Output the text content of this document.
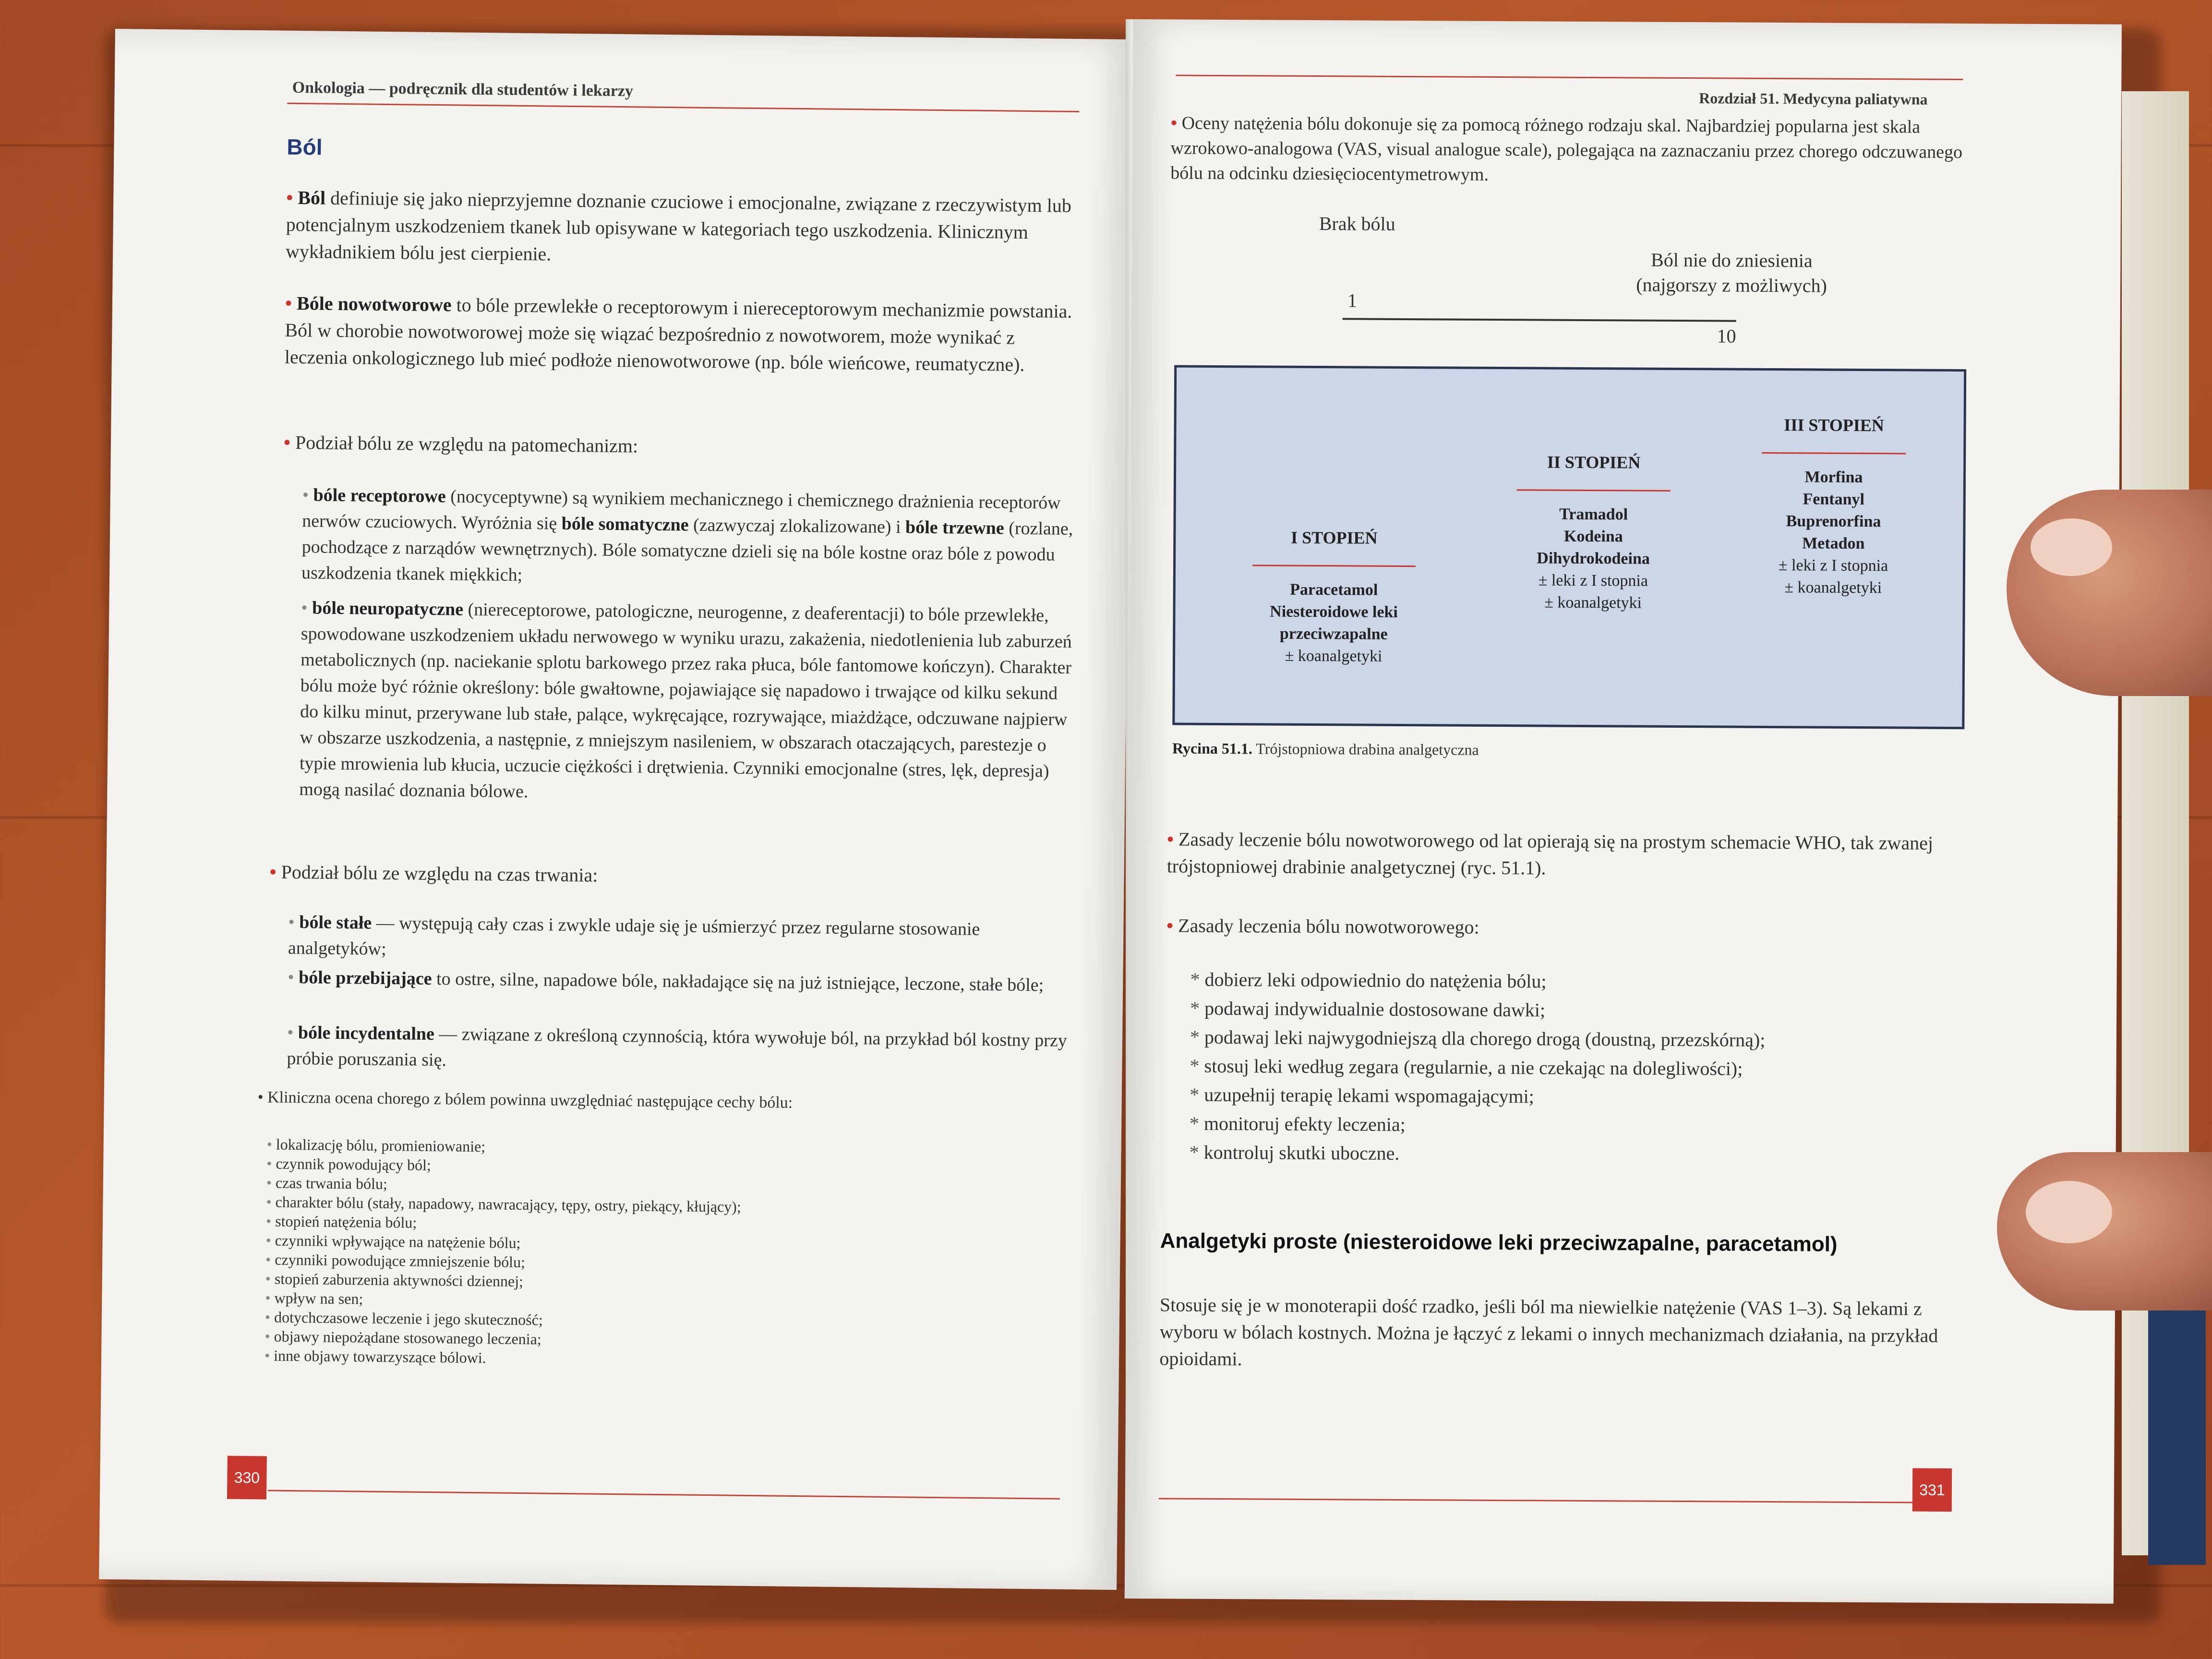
Onkologia — podręcznik dla studentów i lekarzy
Ból
• Ból definiuje się jako nieprzyjemne doznanie czuciowe i emocjonalne, związane z rzeczywistym lub potencjalnym uszkodzeniem tkanek lub opisywane w kategoriach tego uszkodzenia. Klinicznym wykładnikiem bólu jest cierpienie.
• Bóle nowotworowe to bóle przewlekłe o receptorowym i niereceptorowym mechanizmie powstania. Ból w chorobie nowotworowej może się wiązać bezpośrednio z nowotworem, może wynikać z leczenia onkologicznego lub mieć podłoże nienowotworowe (np. bóle wieńcowe, reumatyczne).
• Podział bólu ze względu na patomechanizm:
• bóle receptorowe (nocyceptywne) są wynikiem mechanicznego i chemicznego drażnienia receptorów nerwów czuciowych. Wyróżnia się bóle somatyczne (zazwyczaj zlokalizowane) i bóle trzewne (rozlane, pochodzące z narządów wewnętrznych). Bóle somatyczne dzieli się na bóle kostne oraz bóle z powodu uszkodzenia tkanek miękkich;
• bóle neuropatyczne (niereceptorowe, patologiczne, neurogenne, z deaferentacji) to bóle przewlekłe, spowodowane uszkodzeniem układu nerwowego w wyniku urazu, zakażenia, niedotlenienia lub zaburzeń metabolicznych (np. naciekanie splotu barkowego przez raka płuca, bóle fantomowe kończyn). Charakter bólu może być różnie określony: bóle gwałtowne, pojawiające się napadowo i trwające od kilku sekund do kilku minut, przerywane lub stałe, palące, wykręcające, rozrywające, miażdżące, odczuwane najpierw w obszarze uszkodzenia, a następnie, z mniejszym nasileniem, w obszarach otaczających, parestezje o typie mrowienia lub kłucia, uczucie ciężkości i drętwienia. Czynniki emocjonalne (stres, lęk, depresja) mogą nasilać doznania bólowe.
• Podział bólu ze względu na czas trwania:
• bóle stałe — występują cały czas i zwykle udaje się je uśmierzyć przez regularne stosowanie analgetyków;
• bóle przebijające to ostre, silne, napadowe bóle, nakładające się na już istniejące, leczone, stałe bóle;
• bóle incydentalne — związane z określoną czynnością, która wywołuje ból, na przykład ból kostny przy próbie poruszania się.
• Kliniczna ocena chorego z bólem powinna uwzględniać następujące cechy bólu:
• lokalizację bólu, promieniowanie;
• czynnik powodujący ból;
• czas trwania bólu;
• charakter bólu (stały, napadowy, nawracający, tępy, ostry, piekący, kłujący);
• stopień natężenia bólu;
• czynniki wpływające na natężenie bólu;
• czynniki powodujące zmniejszenie bólu;
• stopień zaburzenia aktywności dziennej;
• wpływ na sen;
• dotychczasowe leczenie i jego skuteczność;
• objawy niepożądane stosowanego leczenia;
• inne objawy towarzyszące bólowi.
330
Rozdział 51. Medycyna paliatywna
• Oceny natężenia bólu dokonuje się za pomocą różnego rodzaju skal. Najbardziej popularna jest skala wzrokowo-analogowa (VAS, visual analogue scale), polegająca na zaznaczaniu przez chorego odczuwanego bólu na odcinku dziesięciocentymetrowym.
Brak bólu
Ból nie do zniesienia
(najgorszy z możliwych)
1
10
I STOPIEŃ
Paracetamol
Niesteroidowe leki
przeciwzapalne
± koanalgetyki
II STOPIEŃ
Tramadol
Kodeina
Dihydrokodeina
± leki z I stopnia
± koanalgetyki
III STOPIEŃ
Morfina
Fentanyl
Buprenorfina
Metadon
± leki z I stopnia
± koanalgetyki
Rycina 51.1. Trójstopniowa drabina analgetyczna
• Zasady leczenie bólu nowotworowego od lat opierają się na prostym schemacie WHO, tak zwanej trójstopniowej drabinie analgetycznej (ryc. 51.1).
• Zasady leczenia bólu nowotworowego:
* dobierz leki odpowiednio do natężenia bólu;
* podawaj indywidualnie dostosowane dawki;
* podawaj leki najwygodniejszą dla chorego drogą (doustną, przezskórną);
* stosuj leki według zegara (regularnie, a nie czekając na dolegliwości);
* uzupełnij terapię lekami wspomagającymi;
* monitoruj efekty leczenia;
* kontroluj skutki uboczne.
Analgetyki proste (niesteroidowe leki przeciwzapalne, paracetamol)
Stosuje się je w monoterapii dość rzadko, jeśli ból ma niewielkie natężenie (VAS 1–3). Są lekami z wyboru w bólach kostnych. Można je łączyć z lekami o innych mechanizmach działania, na przykład opioidami.
331
